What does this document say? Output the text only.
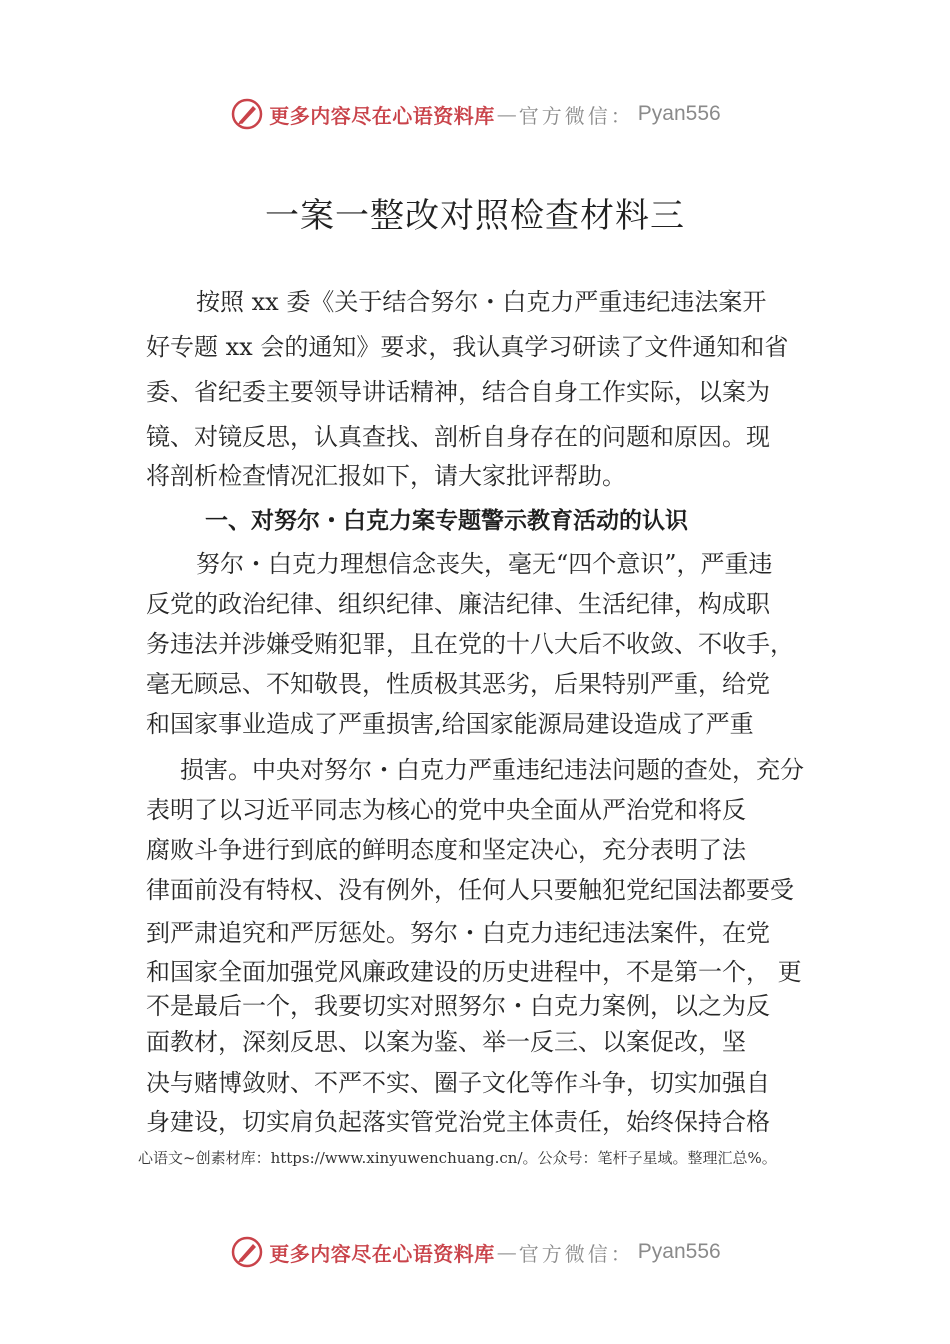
更多内容尽在心语资料库 — 官方微信： Pyan556
一案一整改对照检查材料三
按照 xx 委《关于结合努尔・白克力严重违纪违法案开
好专题 xx 会的通知》要求，我认真学习研读了文件通知和省
委、省纪委主要领导讲话精神，结合自身工作实际，以案为
镜、对镜反思，认真查找、剖析自身存在的问题和原因。现
将剖析检查情况汇报如下，请大家批评帮助。
一、对努尔・白克力案专题警示教育活动的认识
努尔・白克力理想信念丧失，毫无“四个意识”，严重违
反党的政治纪律、组织纪律、廉洁纪律、生活纪律，构成职
务违法并涉嫌受贿犯罪，且在党的十八大后不收敛、不收手，
毫无顾忌、不知敬畏，性质极其恶劣，后果特别严重，给党
和国家事业造成了严重损害,给国家能源局建设造成了严重
损害。中央对努尔・白克力严重违纪违法问题的查处，充分
表明了以习近平同志为核心的党中央全面从严治党和将反
腐败斗争进行到底的鲜明态度和坚定决心，充分表明了法
律面前没有特权、没有例外，任何人只要触犯党纪国法都要受
到严肃追究和严厉惩处。努尔・白克力违纪违法案件，在党
和国家全面加强党风廉政建设的历史进程中，不是第一个， 更
不是最后一个，我要切实对照努尔・白克力案例，以之为反
面教材，深刻反思、以案为鉴、举一反三、以案促改，坚
决与赌博敛财、不严不实、圈子文化等作斗争，切实加强自
身建设，切实肩负起落实管党治党主体责任，始终保持合格
心语文~创素材库：https://www.xinyuwenchuang.cn/。公众号：笔杆子星域。整理汇总%。
更多内容尽在心语资料库 — 官方微信： Pyan556
